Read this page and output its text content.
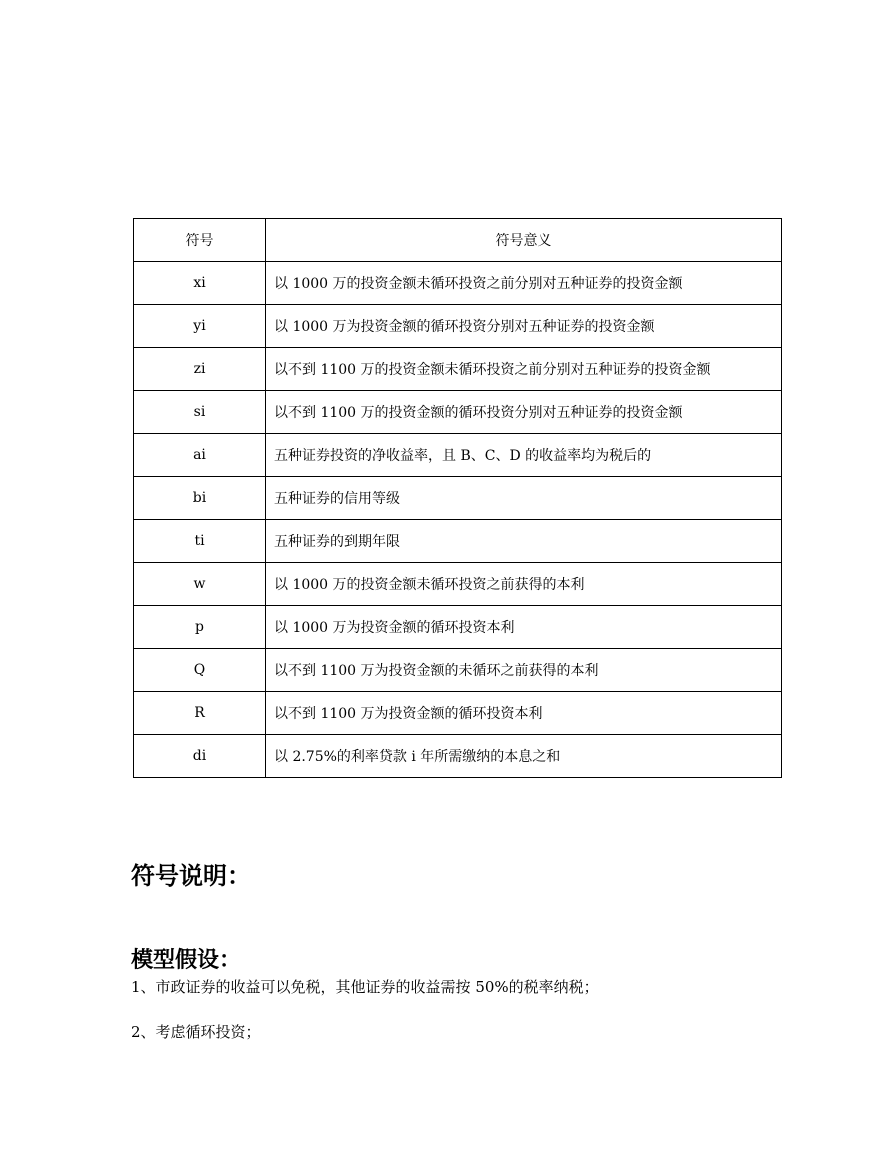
符号	符号意义
xi	以 1000 万的投资金额未循环投资之前分别对五种证券的投资金额
yi	以 1000 万为投资金额的循环投资分别对五种证券的投资金额
zi	以不到 1100 万的投资金额未循环投资之前分别对五种证券的投资金额
si	以不到 1100 万的投资金额的循环投资分别对五种证券的投资金额
ai	五种证券投资的净收益率，且 B、C、D 的收益率均为税后的
bi	五种证券的信用等级
ti	五种证券的到期年限
w	以 1000 万的投资金额未循环投资之前获得的本利
p	以 1000 万为投资金额的循环投资本利
Q	以不到 1100 万为投资金额的未循环之前获得的本利
R	以不到 1100 万为投资金额的循环投资本利
di	以 2.75%的利率贷款 i 年所需缴纳的本息之和
符号说明：
模型假设：

1、市政证券的收益可以免税，其他证券的收益需按 50%的税率纳税；

2、考虑循环投资；
